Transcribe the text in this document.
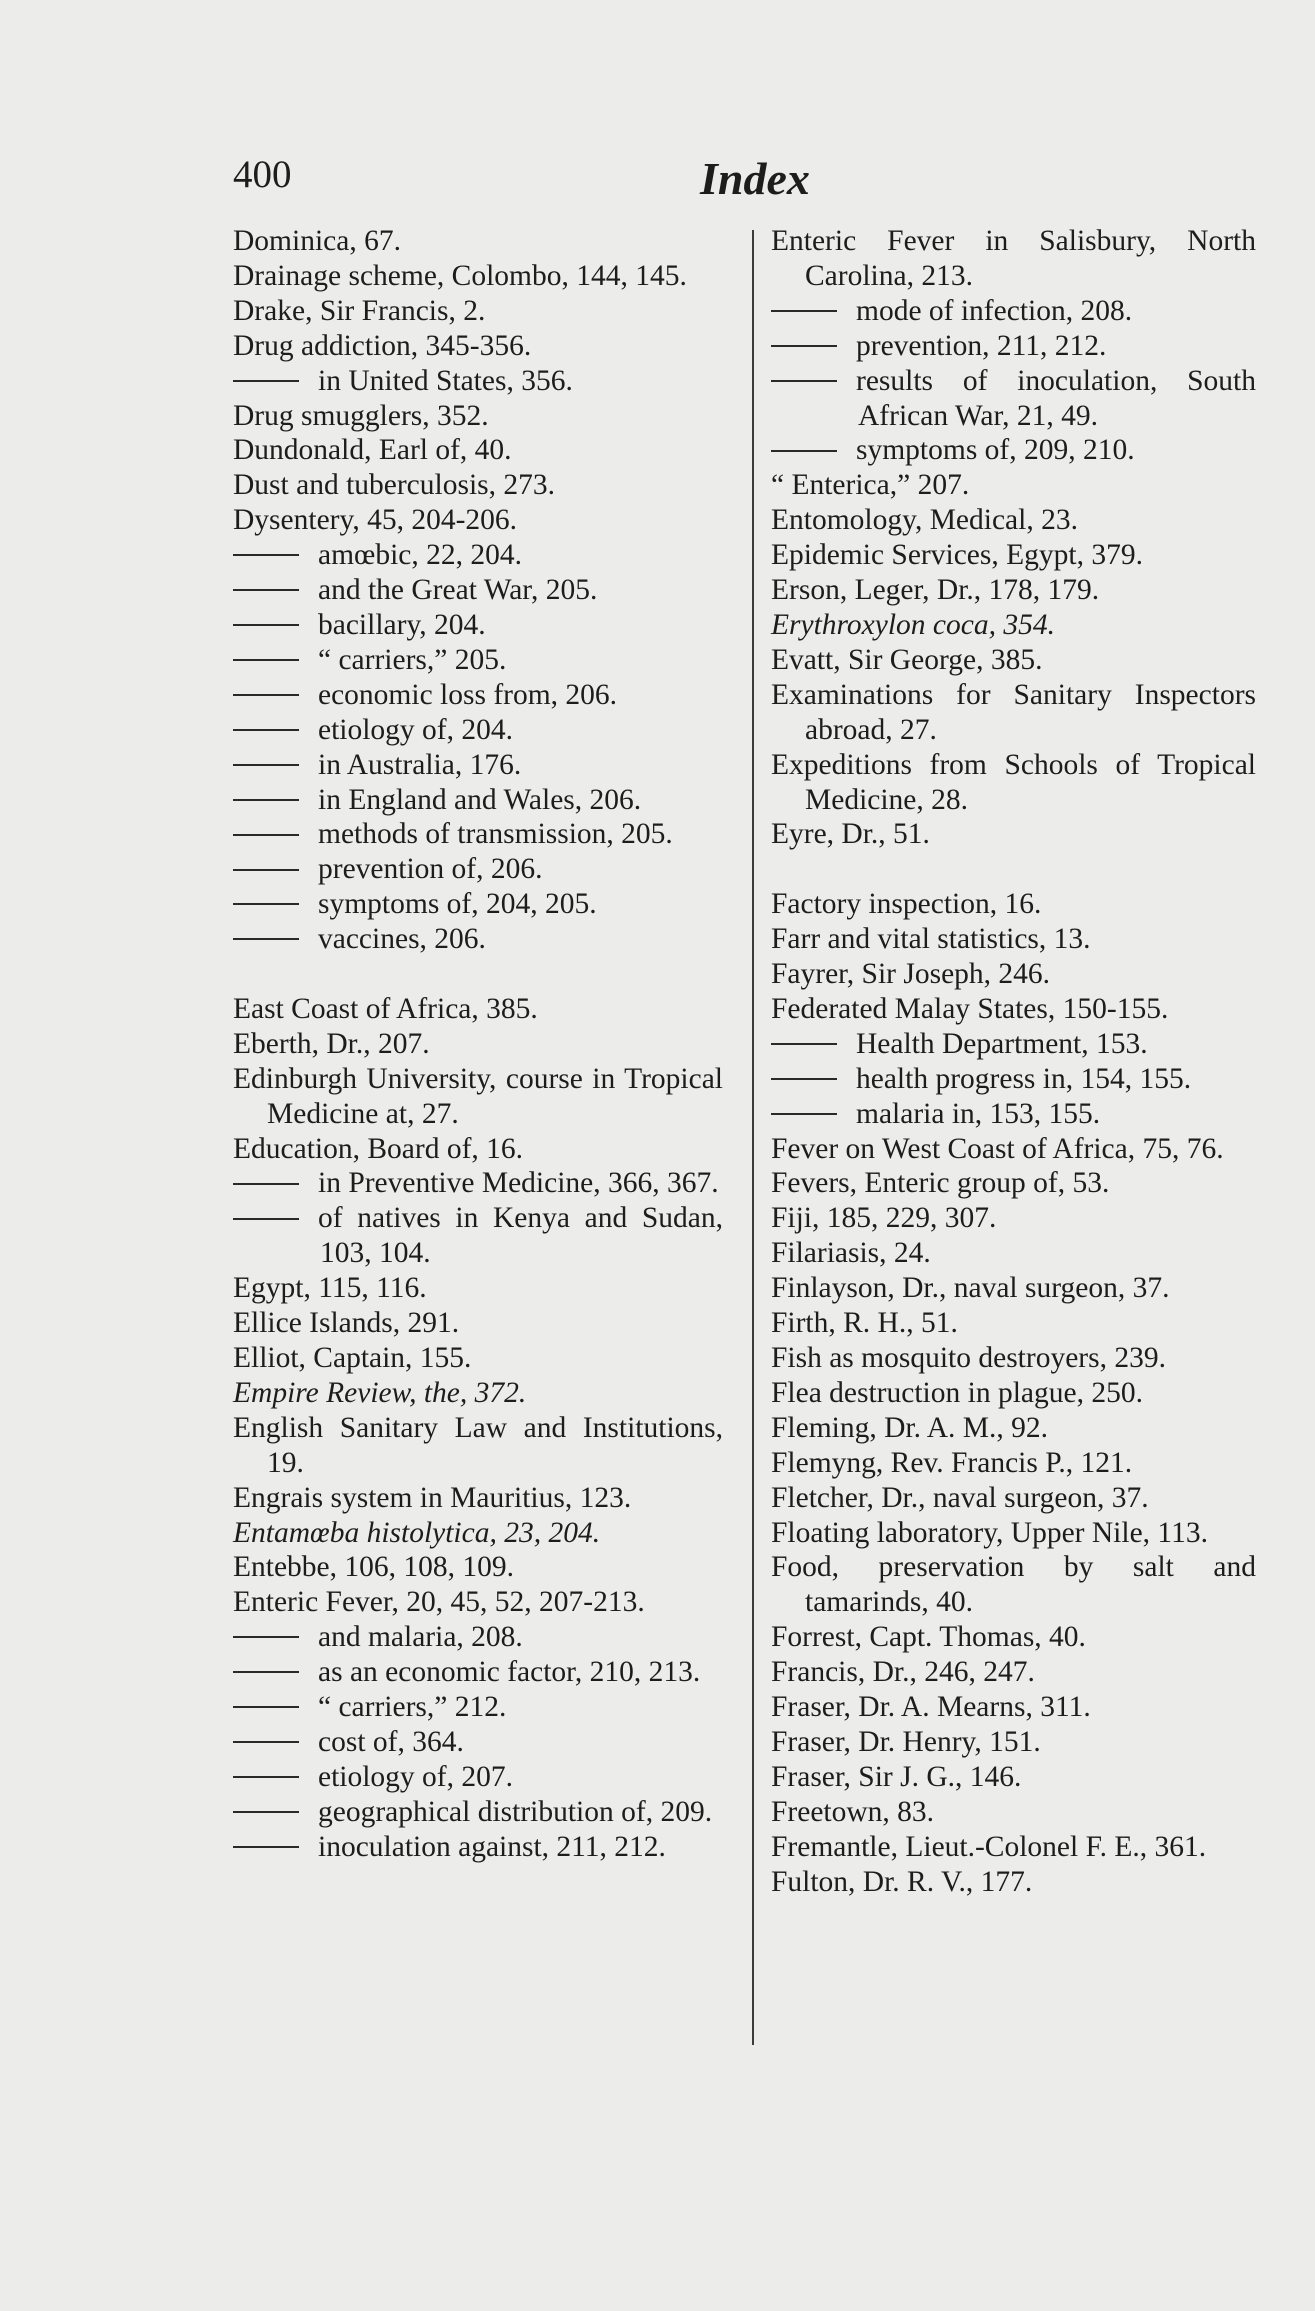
400	Index
Dominica, 67.
Drainage scheme, Colombo, 144, 145.
Drake, Sir Francis, 2.
Drug addiction, 345-356.
in United States, 356.
Drug smugglers, 352.
Dundonald, Earl of, 40.
Dust and tuberculosis, 273.
Dysentery, 45, 204-206.
amœbic, 22, 204.
and the Great War, 205.
bacillary, 204.
“ carriers,” 205.
economic loss from, 206.
etiology of, 204.
in Australia, 176.
in England and Wales, 206.
methods of transmission, 205.
prevention of, 206.
symptoms of, 204, 205.
vaccines, 206.
East Coast of Africa, 385.
Eberth, Dr., 207.
Edinburgh University, course in Tropical Medicine at, 27.
Education, Board of, 16.
in Preventive Medicine, 366, 367.
of natives in Kenya and Sudan, 103, 104.
Egypt, 115, 116.
Ellice Islands, 291.
Elliot, Captain, 155.
Empire Review, the, 372.
English Sanitary Law and Institutions, 19.
Engrais system in Mauritius, 123.
Entamœba histolytica, 23, 204.
Entebbe, 106, 108, 109.
Enteric Fever, 20, 45, 52, 207-213.
and malaria, 208.
as an economic factor, 210, 213.
“ carriers,” 212.
cost of, 364.
etiology of, 207.
geographical distribution of, 209.
inoculation against, 211, 212.
Enteric Fever in Salisbury, North Carolina, 213.
mode of infection, 208.
prevention, 211, 212.
results of inoculation, South African War, 21, 49.
symptoms of, 209, 210.
“ Enterica,” 207.
Entomology, Medical, 23.
Epidemic Services, Egypt, 379.
Erson, Leger, Dr., 178, 179.
Erythroxylon coca, 354.
Evatt, Sir George, 385.
Examinations for Sanitary Inspectors abroad, 27.
Expeditions from Schools of Tropical Medicine, 28.
Eyre, Dr., 51.
Factory inspection, 16.
Farr and vital statistics, 13.
Fayrer, Sir Joseph, 246.
Federated Malay States, 150-155.
Health Department, 153.
health progress in, 154, 155.
malaria in, 153, 155.
Fever on West Coast of Africa, 75, 76.
Fevers, Enteric group of, 53.
Fiji, 185, 229, 307.
Filariasis, 24.
Finlayson, Dr., naval surgeon, 37.
Firth, R. H., 51.
Fish as mosquito destroyers, 239.
Flea destruction in plague, 250.
Fleming, Dr. A. M., 92.
Flemyng, Rev. Francis P., 121.
Fletcher, Dr., naval surgeon, 37.
Floating laboratory, Upper Nile, 113.
Food, preservation by salt and tamarinds, 40.
Forrest, Capt. Thomas, 40.
Francis, Dr., 246, 247.
Fraser, Dr. A. Mearns, 311.
Fraser, Dr. Henry, 151.
Fraser, Sir J. G., 146.
Freetown, 83.
Fremantle, Lieut.-Colonel F. E., 361.
Fulton, Dr. R. V., 177.
